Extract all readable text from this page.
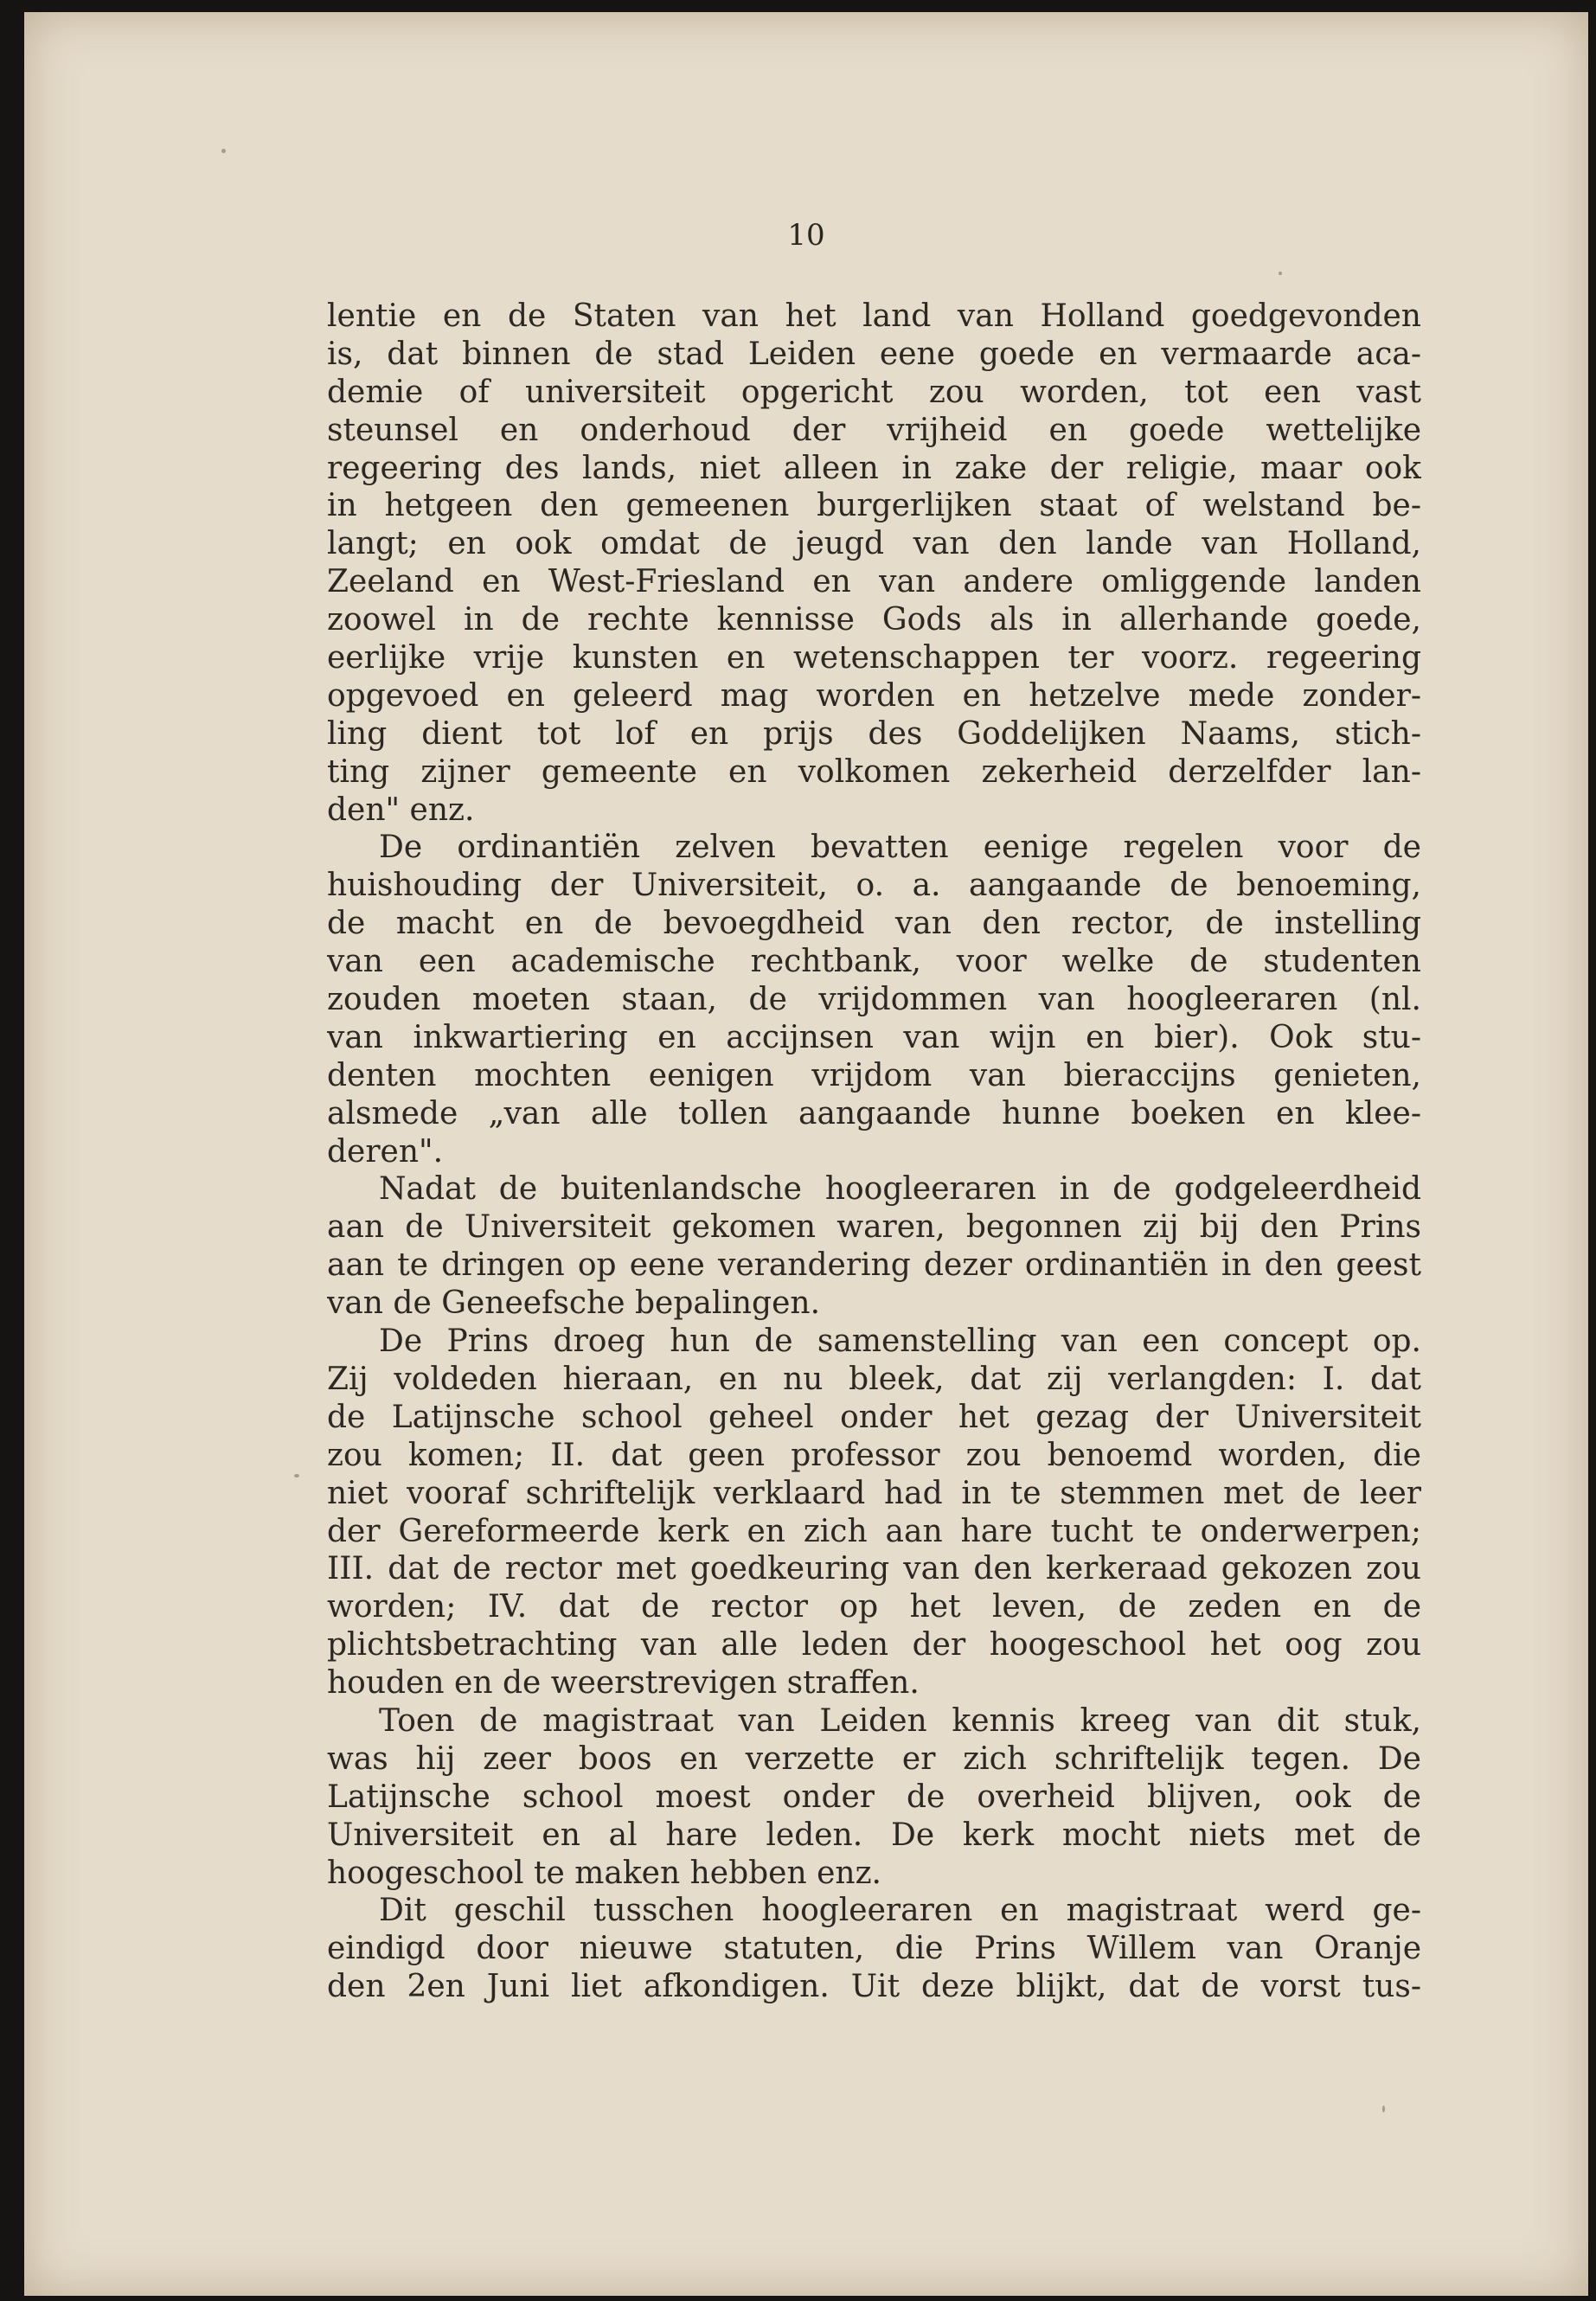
10
lentie en de Staten van het land van Holland goedgevonden
is, dat binnen de stad Leiden eene goede en vermaarde aca-
demie of universiteit opgericht zou worden, tot een vast
steunsel en onderhoud der vrijheid en goede wettelijke
regeering des lands, niet alleen in zake der religie, maar ook
in hetgeen den gemeenen burgerlijken staat of welstand be-
langt; en ook omdat de jeugd van den lande van Holland,
Zeeland en West-Friesland en van andere omliggende landen
zoowel in de rechte kennisse Gods als in allerhande goede,
eerlijke vrije kunsten en wetenschappen ter voorz. regeering
opgevoed en geleerd mag worden en hetzelve mede zonder-
ling dient tot lof en prijs des Goddelijken Naams, stich-
ting zijner gemeente en volkomen zekerheid derzelfder lan-
den" enz.
De ordinantiën zelven bevatten eenige regelen voor de
huishouding der Universiteit, o. a. aangaande de benoeming,
de macht en de bevoegdheid van den rector, de instelling
van een academische rechtbank, voor welke de studenten
zouden moeten staan, de vrijdommen van hoogleeraren (nl.
van inkwartiering en accijnsen van wijn en bier). Ook stu-
denten mochten eenigen vrijdom van bieraccijns genieten,
alsmede „van alle tollen aangaande hunne boeken en klee-
deren".
Nadat de buitenlandsche hoogleeraren in de godgeleerdheid
aan de Universiteit gekomen waren, begonnen zij bij den Prins
aan te dringen op eene verandering dezer ordinantiën in den geest
van de Geneefsche bepalingen.
De Prins droeg hun de samenstelling van een concept op.
Zij voldeden hieraan, en nu bleek, dat zij verlangden: I. dat
de Latijnsche school geheel onder het gezag der Universiteit
zou komen; II. dat geen professor zou benoemd worden, die
niet vooraf schriftelijk verklaard had in te stemmen met de leer
der Gereformeerde kerk en zich aan hare tucht te onderwerpen;
III. dat de rector met goedkeuring van den kerkeraad gekozen zou
worden; IV. dat de rector op het leven, de zeden en de
plichtsbetrachting van alle leden der hoogeschool het oog zou
houden en de weerstrevigen straffen.
Toen de magistraat van Leiden kennis kreeg van dit stuk,
was hij zeer boos en verzette er zich schriftelijk tegen. De
Latijnsche school moest onder de overheid blijven, ook de
Universiteit en al hare leden. De kerk mocht niets met de
hoogeschool te maken hebben enz.
Dit geschil tusschen hoogleeraren en magistraat werd ge-
eindigd door nieuwe statuten, die Prins Willem van Oranje
den 2en Juni liet afkondigen. Uit deze blijkt, dat de vorst tus-
